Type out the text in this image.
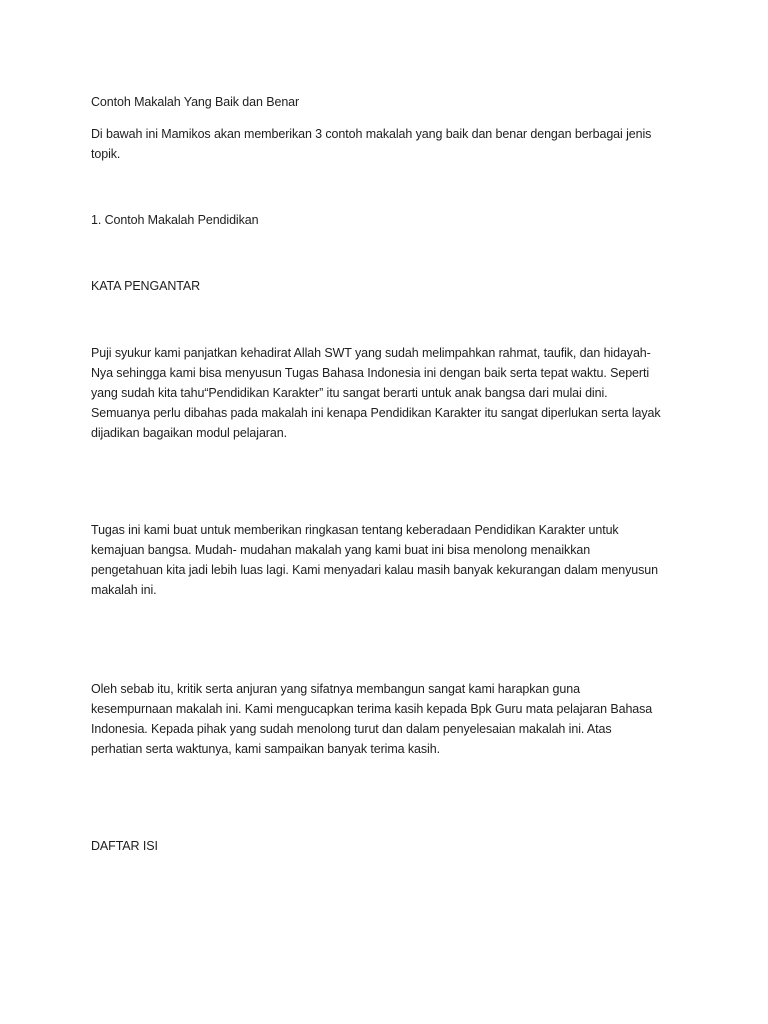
Contoh Makalah Yang Baik dan Benar

Di bawah ini Mamikos akan memberikan 3 contoh makalah yang baik dan benar dengan berbagai jenis
topik.

1. Contoh Makalah Pendidikan

KATA PENGANTAR

Puji syukur kami panjatkan kehadirat Allah SWT yang sudah melimpahkan rahmat, taufik, dan hidayah-
Nya sehingga kami bisa menyusun Tugas Bahasa Indonesia ini dengan baik serta tepat waktu. Seperti
yang sudah kita tahu“Pendidikan Karakter” itu sangat berarti untuk anak bangsa dari mulai dini.
Semuanya perlu dibahas pada makalah ini kenapa Pendidikan Karakter itu sangat diperlukan serta layak
dijadikan bagaikan modul pelajaran.

Tugas ini kami buat untuk memberikan ringkasan tentang keberadaan Pendidikan Karakter untuk
kemajuan bangsa. Mudah- mudahan makalah yang kami buat ini bisa menolong menaikkan
pengetahuan kita jadi lebih luas lagi. Kami menyadari kalau masih banyak kekurangan dalam menyusun
makalah ini.

Oleh sebab itu, kritik serta anjuran yang sifatnya membangun sangat kami harapkan guna
kesempurnaan makalah ini. Kami mengucapkan terima kasih kepada Bpk Guru mata pelajaran Bahasa
Indonesia. Kepada pihak yang sudah menolong turut dan dalam penyelesaian makalah ini. Atas
perhatian serta waktunya, kami sampaikan banyak terima kasih.

DAFTAR ISI
